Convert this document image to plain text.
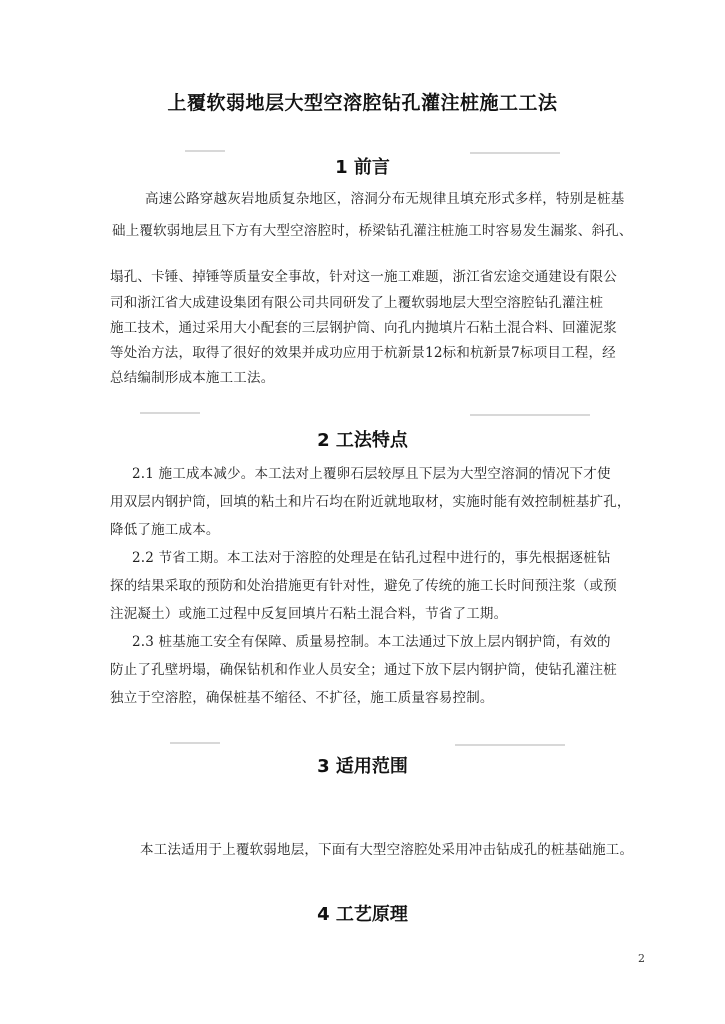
上覆软弱地层大型空溶腔钻孔灌注桩施工工法
1 前言
高速公路穿越灰岩地质复杂地区，溶洞分布无规律且填充形式多样，特别是桩基
础上覆软弱地层且下方有大型空溶腔时，桥梁钻孔灌注桩施工时容易发生漏浆、斜孔、
塌孔、卡锤、掉锤等质量安全事故，针对这一施工难题，浙江省宏途交通建设有限公
司和浙江省大成建设集团有限公司共同研发了上覆软弱地层大型空溶腔钻孔灌注桩
施工技术，通过采用大小配套的三层钢护筒、向孔内抛填片石粘土混合料、回灌泥浆
等处治方法，取得了很好的效果并成功应用于杭新景12标和杭新景7标项目工程，经
总结编制形成本施工工法。
2 工法特点
2.1 施工成本减少。本工法对上覆卵石层较厚且下层为大型空溶洞的情况下才使
用双层内钢护筒，回填的粘土和片石均在附近就地取材，实施时能有效控制桩基扩孔，
降低了施工成本。
2.2 节省工期。本工法对于溶腔的处理是在钻孔过程中进行的，事先根据逐桩钻
探的结果采取的预防和处治措施更有针对性，避免了传统的施工长时间预注浆（或预
注泥凝土）或施工过程中反复回填片石粘土混合料，节省了工期。
2.3 桩基施工安全有保障、质量易控制。本工法通过下放上层内钢护筒，有效的
防止了孔壁坍塌，确保钻机和作业人员安全；通过下放下层内钢护筒，使钻孔灌注桩
独立于空溶腔，确保桩基不缩径、不扩径，施工质量容易控制。
3 适用范围
本工法适用于上覆软弱地层，下面有大型空溶腔处采用冲击钻成孔的桩基础施工。
4 工艺原理
2
